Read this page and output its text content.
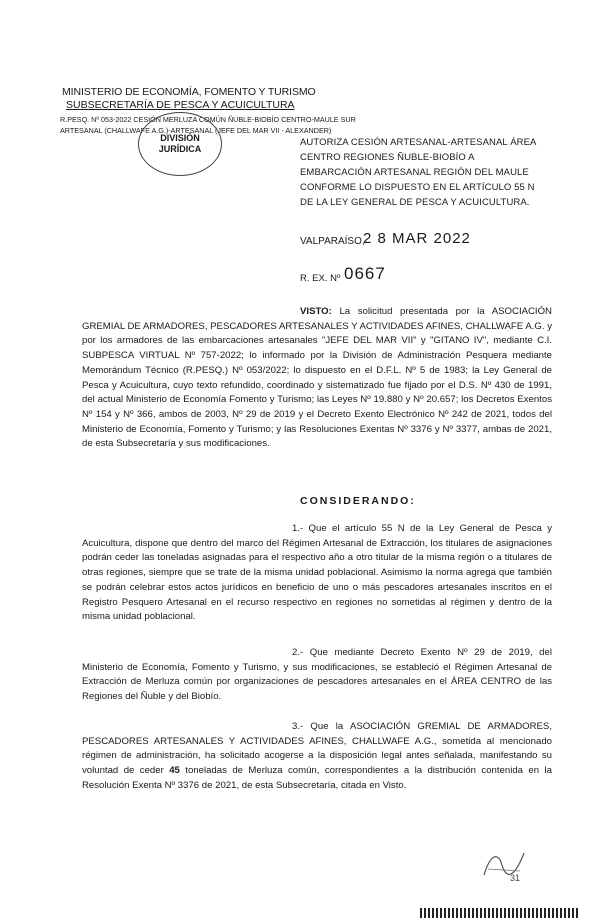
MINISTERIO DE ECONOMÍA, FOMENTO Y TURISMO
SUBSECRETARÍA DE PESCA Y ACUICULTURA
R.PESQ. Nº 053-2022 CESIÓN MERLUZA COMÚN ÑUBLE-BIOBÍO CENTRO-MAULE SUR
ARTESANAL (CHALLWAFE A.G.)-ARTESANAL (JEFE DEL MAR VII - ALEXANDER)
DIVISIÓN
JURÍDICA
AUTORIZA CESIÓN ARTESANAL-ARTESANAL ÁREA CENTRO REGIONES ÑUBLE-BIOBÍO A EMBARCACIÓN ARTESANAL REGIÓN DEL MAULE CONFORME LO DISPUESTO EN EL ARTÍCULO 55 N DE LA LEY GENERAL DE PESCA Y ACUICULTURA.
VALPARAÍSO,
2 8 MAR 2022
R. EX. Nº 0667
VISTO: La solicitud presentada por la ASOCIACIÓN GREMIAL DE ARMADORES, PESCADORES ARTESANALES Y ACTIVIDADES AFINES, CHALLWAFE A.G. y por los armadores de las embarcaciones artesanales "JEFE DEL MAR VII" y "GITANO IV", mediante C.I. SUBPESCA VIRTUAL Nº 757-2022; lo informado por la División de Administración Pesquera mediante Memorándum Técnico (R.PESQ.) Nº 053/2022; lo dispuesto en el D.F.L. Nº 5 de 1983; la Ley General de Pesca y Acuicultura, cuyo texto refundido, coordinado y sistematizado fue fijado por el D.S. Nº 430 de 1991, del actual Ministerio de Economía Fomento y Turismo; las Leyes Nº 19.880 y Nº 20.657; los Decretos Exentos Nº 154 y Nº 366, ambos de 2003, Nº 29 de 2019 y el Decreto Exento Electrónico Nº 242 de 2021, todos del Ministerio de Economía, Fomento y Turismo; y las Resoluciones Exentas Nº 3376 y Nº 3377, ambas de 2021, de esta Subsecretaría y sus modificaciones.
CONSIDERANDO:
1.- Que el artículo 55 N de la Ley General de Pesca y Acuicultura, dispone que dentro del marco del Régimen Artesanal de Extracción, los titulares de asignaciones podrán ceder las toneladas asignadas para el respectivo año a otro titular de la misma región o a titulares de otras regiones, siempre que se trate de la misma unidad poblacional. Asimismo la norma agrega que también se podrán celebrar estos actos jurídicos en beneficio de uno o más pescadores artesanales inscritos en el Registro Pesquero Artesanal en el recurso respectivo en regiones no sometidas al régimen y dentro de la misma unidad poblacional.
2.- Que mediante Decreto Exento Nº 29 de 2019, del Ministerio de Economía, Fomento y Turismo, y sus modificaciones, se estableció el Régimen Artesanal de Extracción de Merluza común por organizaciones de pescadores artesanales en el ÁREA CENTRO de las Regiones del Ñuble y del Biobío.
3.- Que la ASOCIACIÓN GREMIAL DE ARMADORES, PESCADORES ARTESANALES Y ACTIVIDADES AFINES, CHALLWAFE A.G., sometida al mencionado régimen de administración, ha solicitado acogerse a la disposición legal antes señalada, manifestando su voluntad de ceder 45 toneladas de Merluza común, correspondientes a la distribución contenida en la Resolución Exenta Nº 3376 de 2021, de esta Subsecretaría, citada en Visto.
31
